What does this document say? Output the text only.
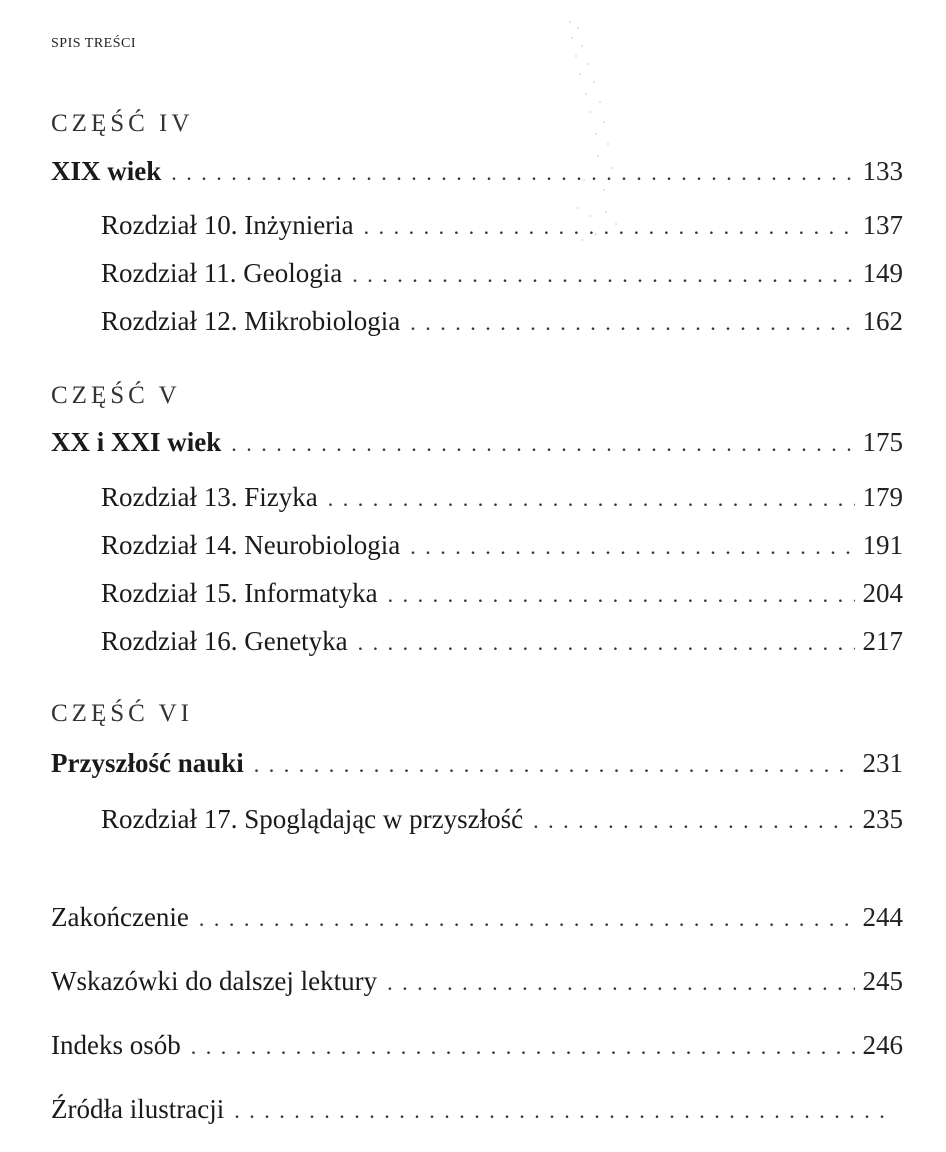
SPIS TREŚCI
CZĘŚĆ IV
XIX wiek . . .	133
Rozdział 10. Inżynieria . . .	137
Rozdział 11. Geologia . . .	149
Rozdział 12. Mikrobiologia . . .	162
CZĘŚĆ V
XX i XXI wiek . . .	175
Rozdział 13. Fizyka . . .	179
Rozdział 14. Neurobiologia . . .	191
Rozdział 15. Informatyka . . .	204
Rozdział 16. Genetyka . . .	217
CZĘŚĆ VI
Przyszłość nauki . . .	231
Rozdział 17. Spoglądając w przyszłość . . .	235
Zakończenie . . .	244
Wskazówki do dalszej lektury . . .	245
Indeks osób . . .	246
Źródła ilustracji
. . .
